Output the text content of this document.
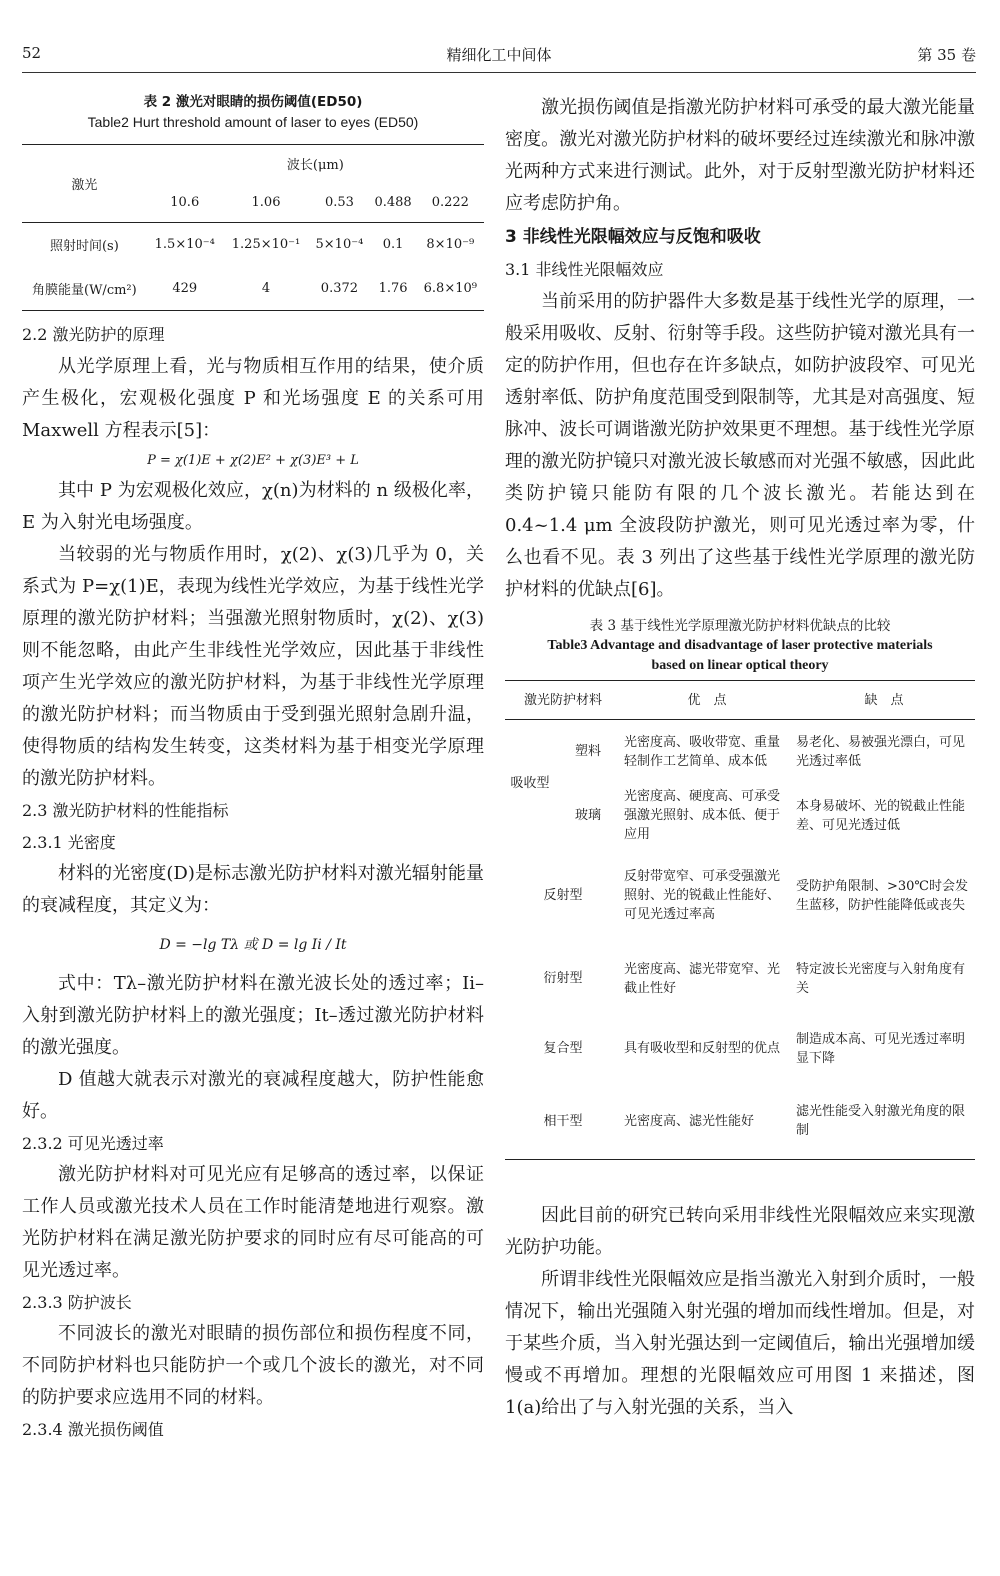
52	精细化工中间体	第 35 卷
表 2 激光对眼睛的损伤阈值(ED50)
Table2 Hurt threshold amount of laser to eyes (ED50)
激光	波长(μm)				
	10.6	1.06	0.53	0.488	0.222
照射时间(s)	1.5×10⁻⁴	1.25×10⁻¹	5×10⁻⁴	0.1	8×10⁻⁹
角膜能量(W/cm²)	429	4	0.372	1.76	6.8×10⁹

2.2 激光防护的原理

从光学原理上看，光与物质相互作用的结果，使介质产生极化，宏观极化强度 P 和光场强度 E 的关系可用 Maxwell 方程表示[5]：

P = χ(1)E + χ(2)E² + χ(3)E³ + L

其中 P 为宏观极化效应，χ(n)为材料的 n 级极化率，E 为入射光电场强度。

当较弱的光与物质作用时，χ(2)、χ(3)几乎为 0，关系式为 P=χ(1)E，表现为线性光学效应，为基于线性光学原理的激光防护材料；当强激光照射物质时，χ(2)、χ(3)则不能忽略，由此产生非线性光学效应，因此基于非线性项产生光学效应的激光防护材料，为基于非线性光学原理的激光防护材料；而当物质由于受到强光照射急剧升温，使得物质的结构发生转变，这类材料为基于相变光学原理的激光防护材料。

2.3 激光防护材料的性能指标

2.3.1 光密度

材料的光密度(D)是标志激光防护材料对激光辐射能量的衰减程度，其定义为：

D = −lg Tλ 或 D = lg Ii / It

式中：Tλ–激光防护材料在激光波长处的透过率；Ii–入射到激光防护材料上的激光强度；It–透过激光防护材料的激光强度。

D 值越大就表示对激光的衰减程度越大，防护性能愈好。

2.3.2 可见光透过率

激光防护材料对可见光应有足够高的透过率，以保证工作人员或激光技术人员在工作时能清楚地进行观察。激光防护材料在满足激光防护要求的同时应有尽可能高的可见光透过率。

2.3.3 防护波长

不同波长的激光对眼睛的损伤部位和损伤程度不同，不同防护材料也只能防护一个或几个波长的激光，对不同的防护要求应选用不同的材料。

2.3.4 激光损伤阈值

激光损伤阈值是指激光防护材料可承受的最大激光能量密度。激光对激光防护材料的破坏要经过连续激光和脉冲激光两种方式来进行测试。此外，对于反射型激光防护材料还应考虑防护角。

3 非线性光限幅效应与反饱和吸收

3.1 非线性光限幅效应

当前采用的防护器件大多数是基于线性光学的原理，一般采用吸收、反射、衍射等手段。这些防护镜对激光具有一定的防护作用，但也存在许多缺点，如防护波段窄、可见光透射率低、防护角度范围受到限制等，尤其是对高强度、短脉冲、波长可调谐激光防护效果更不理想。基于线性光学原理的激光防护镜只对激光波长敏感而对光强不敏感，因此此类防护镜只能防有限的几个波长激光。若能达到在 0.4~1.4 μm 全波段防护激光，则可见光透过率为零，什么也看不见。表 3 列出了这些基于线性光学原理的激光防护材料的优缺点[6]。

表 3 基于线性光学原理激光防护材料优缺点的比较
Table3 Advantage and disadvantage of laser protective materials
based on linear optical theory
激光防护材料		优　点	缺　点
吸收型	塑料	光密度高、吸收带宽、重量轻制作工艺简单、成本低	易老化、易被强光漂白，可见光透过率低
	玻璃	光密度高、硬度高、可承受强激光照射、成本低、便于应用	本身易破坏、光的锐截止性能差、可见光透过低
反射型		反射带宽窄、可承受强激光照射、光的锐截止性能好、可见光透过率高	受防护角限制、>30℃时会发生蓝移，防护性能降低或丧失
衍射型		光密度高、滤光带宽窄、光截止性好	特定波长光密度与入射角度有关
复合型		具有吸收型和反射型的优点	制造成本高、可见光透过率明显下降
相干型		光密度高、滤光性能好	滤光性能受入射激光角度的限制

因此目前的研究已转向采用非线性光限幅效应来实现激光防护功能。

所谓非线性光限幅效应是指当激光入射到介质时，一般情况下，输出光强随入射光强的增加而线性增加。但是，对于某些介质，当入射光强达到一定阈值后，输出光强增加缓慢或不再增加。理想的光限幅效应可用图 1 来描述，图 1(a)给出了与入射光强的关系，当入
